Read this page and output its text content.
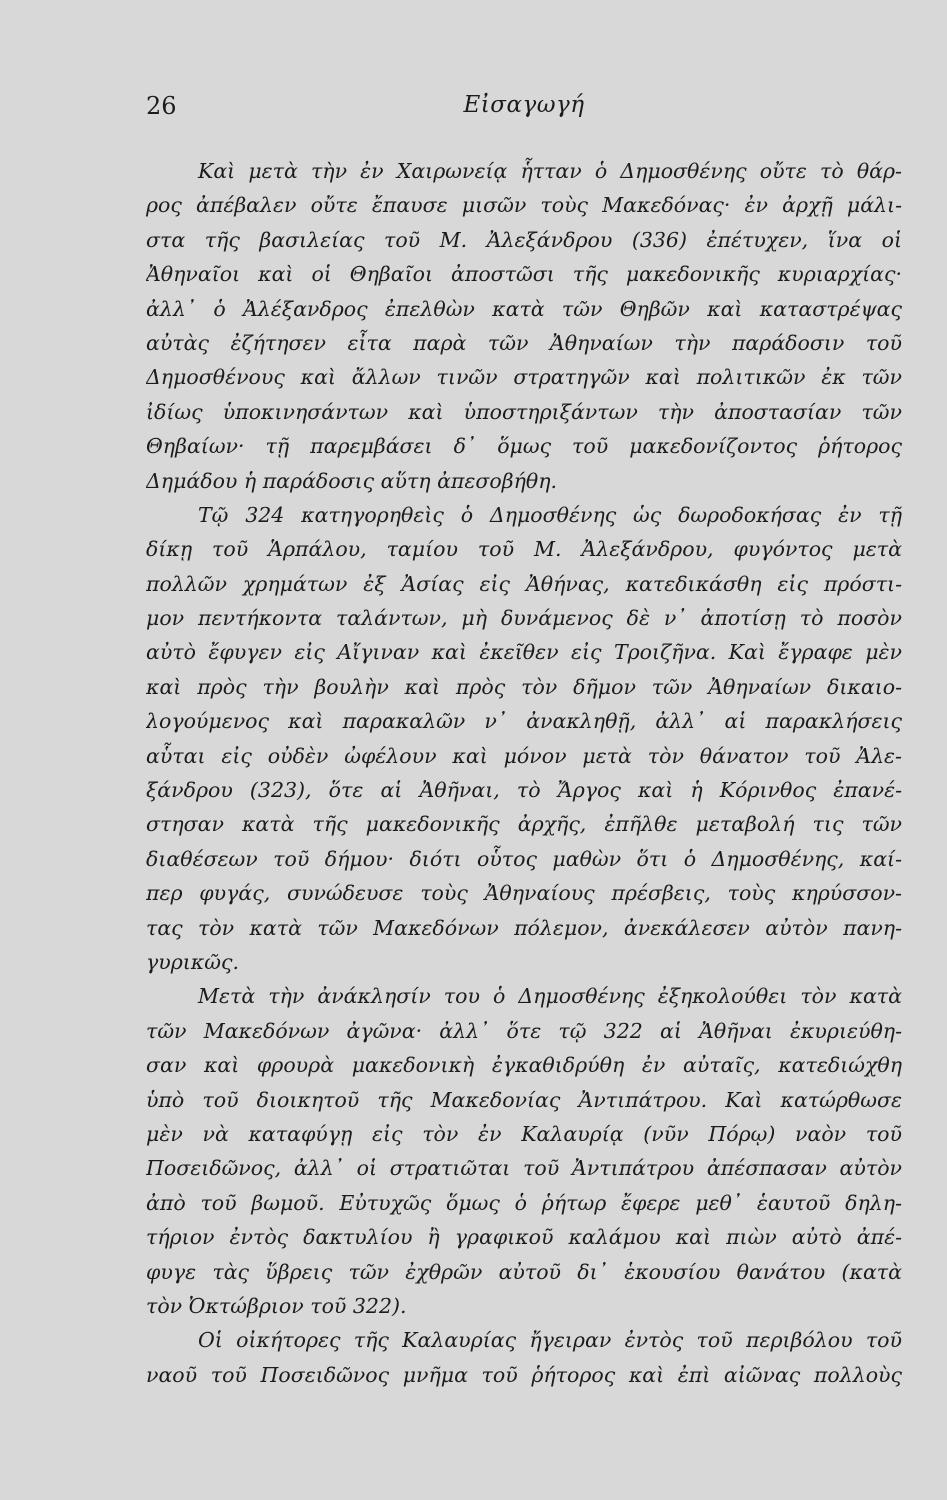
26	Εἰσαγωγή
Καὶ μετὰ τὴν ἐν Χαιρωνείᾳ ἧτταν ὁ Δημοσθένης οὔτε τὸ θάρ-
ρος ἀπέβαλεν οὔτε ἔπαυσε μισῶν τοὺς Μακεδόνας· ἐν ἀρχῇ μάλι-
στα τῆς βασιλείας τοῦ Μ. Ἀλεξάνδρου (336) ἐπέτυχεν, ἵνα οἱ
Ἀθηναῖοι καὶ οἱ Θηβαῖοι ἀποστῶσι τῆς μακεδονικῆς κυριαρχίας·
ἀλλ᾽ ὁ Ἀλέξανδρος ἐπελθὼν κατὰ τῶν Θηβῶν καὶ καταστρέψας
αὐτὰς ἐζήτησεν εἶτα παρὰ τῶν Ἀθηναίων τὴν παράδοσιν τοῦ
Δημοσθένους καὶ ἄλλων τινῶν στρατηγῶν καὶ πολιτικῶν ἐκ τῶν
ἰδίως ὑποκινησάντων καὶ ὑποστηριξάντων τὴν ἀποστασίαν τῶν
Θηβαίων· τῇ παρεμβάσει δ᾽ ὅμως τοῦ μακεδονίζοντος ῥήτορος
Δημάδου ἡ παράδοσις αὕτη ἀπεσοβήθη.
Τῷ 324 κατηγορηθεὶς ὁ Δημοσθένης ὡς δωροδοκήσας ἐν τῇ
δίκῃ τοῦ Ἁρπάλου, ταμίου τοῦ Μ. Ἀλεξάνδρου, φυγόντος μετὰ
πολλῶν χρημάτων ἐξ Ἀσίας εἰς Ἀθήνας, κατεδικάσθη εἰς πρόστι-
μον πεντήκοντα ταλάντων, μὴ δυνάμενος δὲ ν᾽ ἀποτίσῃ τὸ ποσὸν
αὐτὸ ἔφυγεν εἰς Αἴγιναν καὶ ἐκεῖθεν εἰς Τροιζῆνα. Καὶ ἔγραφε μὲν
καὶ πρὸς τὴν βουλὴν καὶ πρὸς τὸν δῆμον τῶν Ἀθηναίων δικαιο-
λογούμενος καὶ παρακαλῶν ν᾽ ἀνακληθῇ, ἀλλ᾽ αἱ παρακλήσεις
αὗται εἰς οὐδὲν ὠφέλουν καὶ μόνον μετὰ τὸν θάνατον τοῦ Ἀλε-
ξάνδρου (323), ὅτε αἱ Ἀθῆναι, τὸ Ἄργος καὶ ἡ Κόρινθος ἐπανέ-
στησαν κατὰ τῆς μακεδονικῆς ἀρχῆς, ἐπῆλθε μεταβολή τις τῶν
διαθέσεων τοῦ δήμου· διότι οὗτος μαθὼν ὅτι ὁ Δημοσθένης, καί-
περ φυγάς, συνώδευσε τοὺς Ἀθηναίους πρέσβεις, τοὺς κηρύσσον-
τας τὸν κατὰ τῶν Μακεδόνων πόλεμον, ἀνεκάλεσεν αὐτὸν πανη-
γυρικῶς.
Μετὰ τὴν ἀνάκλησίν του ὁ Δημοσθένης ἐξηκολούθει τὸν κατὰ
τῶν Μακεδόνων ἀγῶνα· ἀλλ᾽ ὅτε τῷ 322 αἱ Ἀθῆναι ἐκυριεύθη-
σαν καὶ φρουρὰ μακεδονικὴ ἐγκαθιδρύθη ἐν αὐταῖς, κατεδιώχθη
ὑπὸ τοῦ διοικητοῦ τῆς Μακεδονίας Ἀντιπάτρου. Καὶ κατώρθωσε
μὲν νὰ καταφύγῃ εἰς τὸν ἐν Καλαυρίᾳ (νῦν Πόρῳ) ναὸν τοῦ
Ποσειδῶνος, ἀλλ᾽ οἱ στρατιῶται τοῦ Ἀντιπάτρου ἀπέσπασαν αὐτὸν
ἀπὸ τοῦ βωμοῦ. Εὐτυχῶς ὅμως ὁ ῥήτωρ ἔφερε μεθ᾽ ἑαυτοῦ δηλη-
τήριον ἐντὸς δακτυλίου ἢ γραφικοῦ καλάμου καὶ πιὼν αὐτὸ ἀπέ-
φυγε τὰς ὕβρεις τῶν ἐχθρῶν αὐτοῦ δι᾽ ἑκουσίου θανάτου (κατὰ
τὸν Ὀκτώβριον τοῦ 322).
Οἱ οἰκήτορες τῆς Καλαυρίας ἤγειραν ἐντὸς τοῦ περιβόλου τοῦ
ναοῦ τοῦ Ποσειδῶνος μνῆμα τοῦ ῥήτορος καὶ ἐπὶ αἰῶνας πολλοὺς
